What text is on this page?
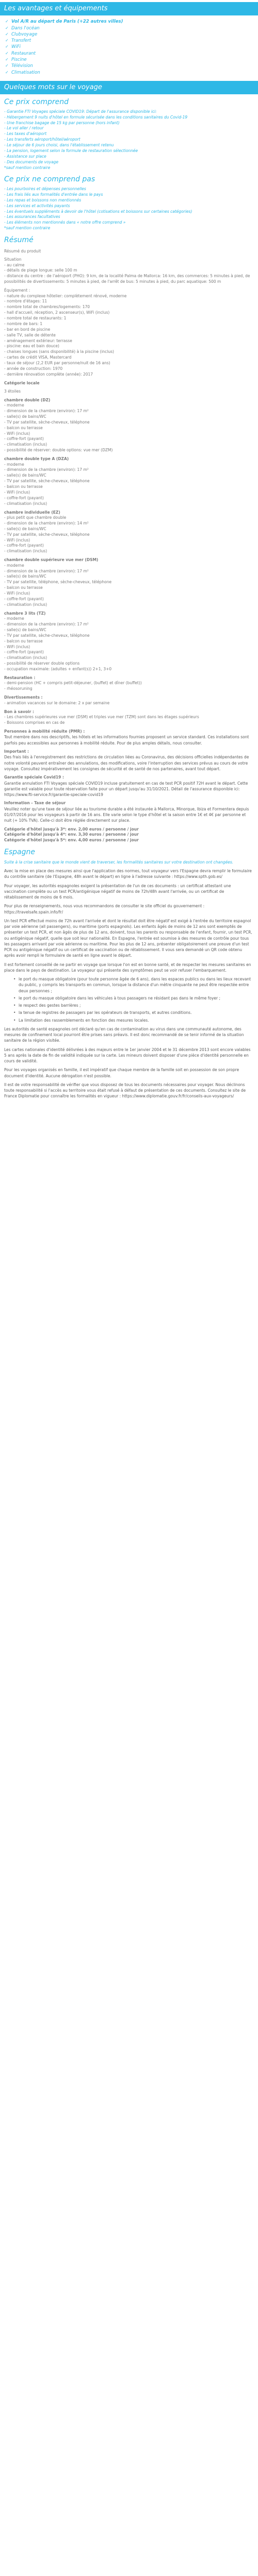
Les avantages et équipements
✓ Vol A/R au départ de Paris (+22 autres villes)
✓ Dans l'océan
✓ Clubvoyage
✓ Transfert
✓ WiFi
✓ Restaurant
✓ Piscine
✓ Télévision
✓ Climatisation
Quelques mots sur le voyage
Ce prix comprend
- Garantie FTI Voyages spéciale COVID19: Départ de l'assurance disponible ici:
- Hébergement 9 nuits d'hôtel en formule sécurisée dans les conditions sanitaires du Covid-19
- Une franchise bagage de 15 kg par personne (hors infant)
- Le vol aller / retour
- Les taxes d'aéroport
- Les transferts aéroport/hôtel/aéroport
- Le séjour de 6 jours choisi, dans l'établissement retenu
- La pension, logement selon la formule de restauration sélectionnée
- Assistance sur place
- Des documents de voyage
*sauf mention contraire
Ce prix ne comprend pas
- Les pourboires et dépenses personnelles
- Les frais liés aux formalités d'entrée dans le pays
- Les repas et boissons non mentionnés
- Les services et activités payants
- Les éventuels suppléments à devoir de l'hôtel (cotisations et boissons sur certaines catégories)
- Les assurances facultatives
- Les éléments non mentionnés dans « notre offre comprend »
*sauf mention contraire
Résumé
Résumé du produit
Situation
- au calme
- détails de plage longue: selle 100 m
- distance du centre : de l'aéroport (PHO): 9 km, de la localité Palma de Mallorca: 16 km, des commerces: 5 minutes à pied, de possibilités de divertissements: 5 minutes à pied, de l'arrêt de bus: 5 minutes à pied, du parc aquatique: 500 m
Équipement :
- nature du complexe hôtelier: complètement rénové, moderne
- nombre d'étages: 11
- nombre total de chambres/logements: 170
- hall d'accueil, réception, 2 ascenseur(s), WiFi (inclus)
- nombre total de restaurants: 1
- nombre de bars: 1
- bar en bord de piscine
- salle TV, salle de détente
- aménagement extérieur: terrasse
- piscine: eau et bain douce)
- chaises longues (sans disponibilité) à la piscine (inclus)
- cartes de crédit VISA, Mastercard
- taux de séjour (2,2 EUR par personne/nuit de 16 ans)
- année de construction: 1970
- dernière rénovation complète (année): 2017
Catégorie locale
3 étoiles
chambre double (DZ)
- moderne
- dimension de la chambre (environ): 17 m²
- salle(s) de bains/WC
- TV par satellite, sèche-cheveux, téléphone
- balcon ou terrasse
- WiFi (inclus)
- coffre-fort (payant)
- climatisation (inclus)
- possibilité de réserver: double options: vue mer (DZM)
chambre double type A (DZA)
- moderne
- dimension de la chambre (environ): 17 m²
- salle(s) de bains/WC
- TV par satellite, sèche-cheveux, téléphone
- balcon ou terrasse
- WiFi (inclus)
- coffre-fort (payant)
- climatisation (inclus)
chambre individuelle (EZ)
- plus petit que chambre double
- dimension de la chambre (environ): 14 m²
- salle(s) de bains/WC
- TV par satellite, sèche-cheveux, téléphone
- WiFi (inclus)
- coffre-fort (payant)
- climatisation (inclus)
chambre double supérieure vue mer (DSM)
- moderne
- dimension de la chambre (environ): 17 m²
- salle(s) de bains/WC
- TV par satellite, téléphone, sèche-cheveux, téléphone
- balcon ou terrasse
- WiFi (inclus)
- coffre-fort (payant)
- climatisation (inclus)
chambre 3 lits (TZ)
- moderne
- dimension de la chambre (environ): 17 m²
- salle(s) de bains/WC
- TV par satellite, sèche-cheveux, téléphone
- balcon ou terrasse
- WiFi (inclus)
- coffre-fort (payant)
- climatisation (inclus)
- possibilité de réserver double options
- occupation maximale: (adultes + enfant(s)) 2+1, 3+0
Restauration :
- demi-pension (HC + compris petit-déjeuner, (buffet) et dîner (buffet))
- rhéosoruning
Divertissements :
- animation vacances sur le domaine: 2 x par semaine
Bon à savoir :
- Les chambres supérieures vue mer (DSM) et triples vue mer (TZM) sont dans les étages supérieurs
- Boissons comprises en cas de
Personnes à mobilité réduite (PMR) :

Tout membre dans nos descriptifs, les hôtels et les informations fournies proposent un service standard. Ces installations sont parfois peu accessibles aux personnes à mobilité réduite. Pour de plus amples détails, nous consulter.

Important :

Des frais liés à l'enregistrement des restrictions de circulation liées au Coronavirus, des décisions officielles indépendantes de notre volonté peuvent entraîner des annulations, des modifications, voire l'interruption des services prévus au cours de votre voyage. Consultez impérativement les consignes de sécurité et de santé de nos partenaires, avant tout départ.

Garantie spéciale Covid19 :

Garantie annulation FTI Voyages spéciale COVID19 incluse gratuitement en cas de test PCR positif 72H avant le départ. Cette garantie est valable pour toute réservation faite pour un départ jusqu'au 31/10/2021. Détail de l'assurance disponible ici: https://www.fti-service.fr/garantie-speciale-covid19

Information - Taxe de séjour

Veuillez noter qu'une taxe de séjour liée au tourisme durable a été instaurée à Mallorca, Minorque, Ibiza et Formentera depuis 01/07/2016 pour les voyageurs à partir de 16 ans. Elle varie selon le type d'hôtel et la saison entre 1€ et 4€ par personne et nuit (+ 10% TVA). Celle-ci doit être réglée directement sur place.

Catégorie d'hôtel jusqu'à 3*: env. 2,00 euros / personne / jour
Catégorie d'hôtel jusqu'à 4*: env. 3,30 euros / personne / jour
Catégorie d'hôtel jusqu'à 5*: env. 4,00 euros / personne / jour
Espagne

Suite à la crise sanitaire que le monde vient de traverser, les formalités sanitaires sur votre destination ont changées.

Avec la mise en place des mesures ainsi que l'application des normes, tout voyageur vers l'Espagne devra remplir le formulaire du contrôle sanitaire (de l'Espagne, 48h avant le départ) en ligne à l'adresse suivante : https://www.spth.gob.es/

Pour voyager, les autorités espagnoles exigent la présentation de l'un de ces documents : un certificat attestant une vaccination complète ou un test PCR/antigénique négatif de moins de 72h/48h avant l'arrivée, ou un certificat de rétablissement de moins de 6 mois.

Pour plus de renseignements, nous vous recommandons de consulter le site officiel du gouvernement : https://travelsafe.spain.info/fr/

Un test PCR effectué moins de 72h avant l'arrivée et dont le résultat doit être négatif est exigé à l'entrée du territoire espagnol par voie aérienne (all passengers), ou maritime (ports espagnols). Les enfants âgés de moins de 12 ans sont exemptés de présenter un test PCR, et non âgés de plus de 12 ans, doivent, tous les parents ou responsable de l'enfant, fournir, un test PCR, ou antigénique négatif, quelle que soit leur nationalité. En Espagne, l'entrée est soumise à des mesures de contrôle pour tous les passagers arrivant par voie aérienne ou maritime. Pour les plus de 12 ans, présenter obligatoirement une preuve d'un test PCR ou antigénique négatif ou un certificat de vaccination ou de rétablissement. Il vous sera demandé un QR code obtenu après avoir rempli le formulaire de santé en ligne avant le départ.

Il est fortement conseillé de ne partir en voyage que lorsque l'on est en bonne santé, et de respecter les mesures sanitaires en place dans le pays de destination. Le voyageur qui présente des symptômes peut se voir refuser l'embarquement.

• le port du masque obligatoire (pour toute personne âgée de 6 ans), dans les espaces publics ou dans les lieux recevant du public, y compris les transports en commun, lorsque la distance d'un mètre cinquante ne peut être respectée entre deux personnes ;
• le port du masque obligatoire dans les véhicules à tous passagers ne résidant pas dans le même foyer ;
• le respect des gestes barrières ;
• la tenue de registres de passagers par les opérateurs de transports, et autres conditions.
• La limitation des rassemblements en fonction des mesures locales.

Les autorités de santé espagnoles ont déclaré qu'en cas de contamination au virus dans une communauté autonome, des mesures de confinement local pourront être prises sans préavis. Il est donc recommandé de se tenir informé de la situation sanitaire de la région visitée.

Les cartes nationales d'identité délivrées à des majeurs entre le 1er janvier 2004 et le 31 décembre 2013 sont encore valables 5 ans après la date de fin de validité indiquée sur la carte. Les mineurs doivent disposer d'une pièce d'identité personnelle en cours de validité.

Pour les voyages organisés en famille, il est impératif que chaque membre de la famille soit en possession de son propre document d'identité. Aucune dérogation n'est possible.

Il est de votre responsabilité de vérifier que vous disposez de tous les documents nécessaires pour voyager. Nous déclinons toute responsabilité si l'accès au territoire vous était refusé à défaut de présentation de ces documents. Consultez le site de France Diplomatie pour connaître les formalités en vigueur : https://www.diplomatie.gouv.fr/fr/conseils-aux-voyageurs/
